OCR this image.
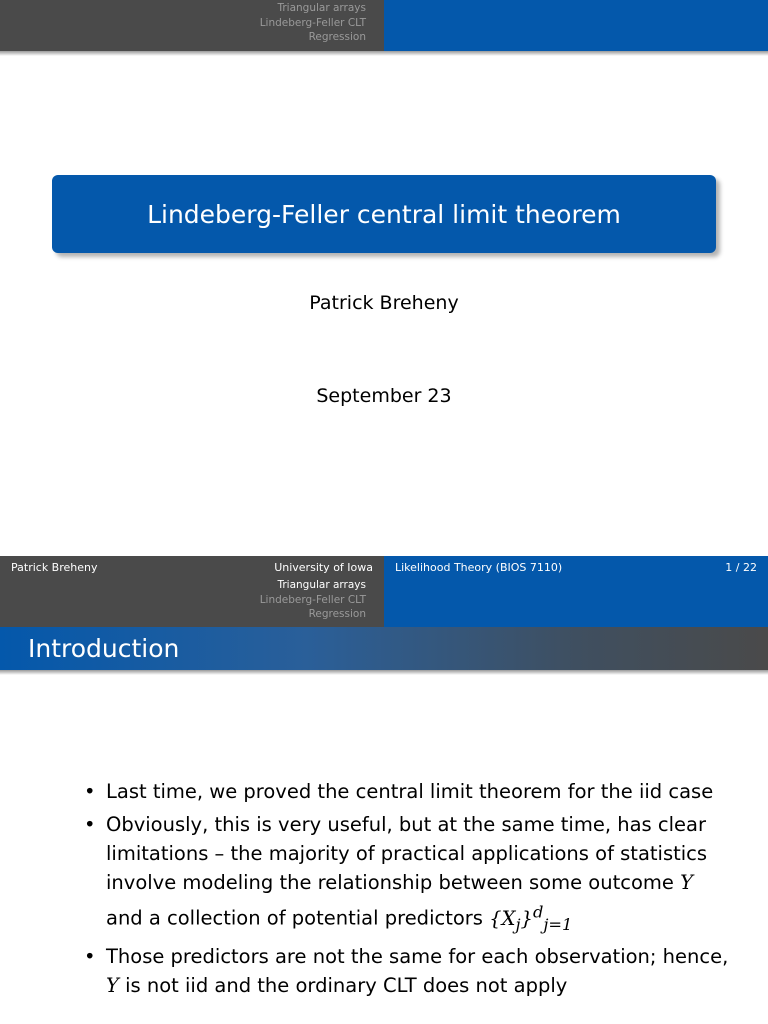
Triangular arrays
Lindeberg-Feller CLT
Regression
Lindeberg-Feller central limit theorem
Patrick Breheny
September 23
Patrick Breheny	University of Iowa Likelihood Theory (BIOS 7110)	1 / 22
Triangular arrays
Lindeberg-Feller CLT
Regression
Introduction
• Last time, we proved the central limit theorem for the iid case
• Obviously, this is very useful, but at the same time, has clear limitations – the majority of practical applications of statistics involve modeling the relationship between some outcome Y and a collection of potential predictors $\{X_j\}^d_{j=1}$
• Those predictors are not the same for each observation; hence, Y is not iid and the ordinary CLT does not apply
